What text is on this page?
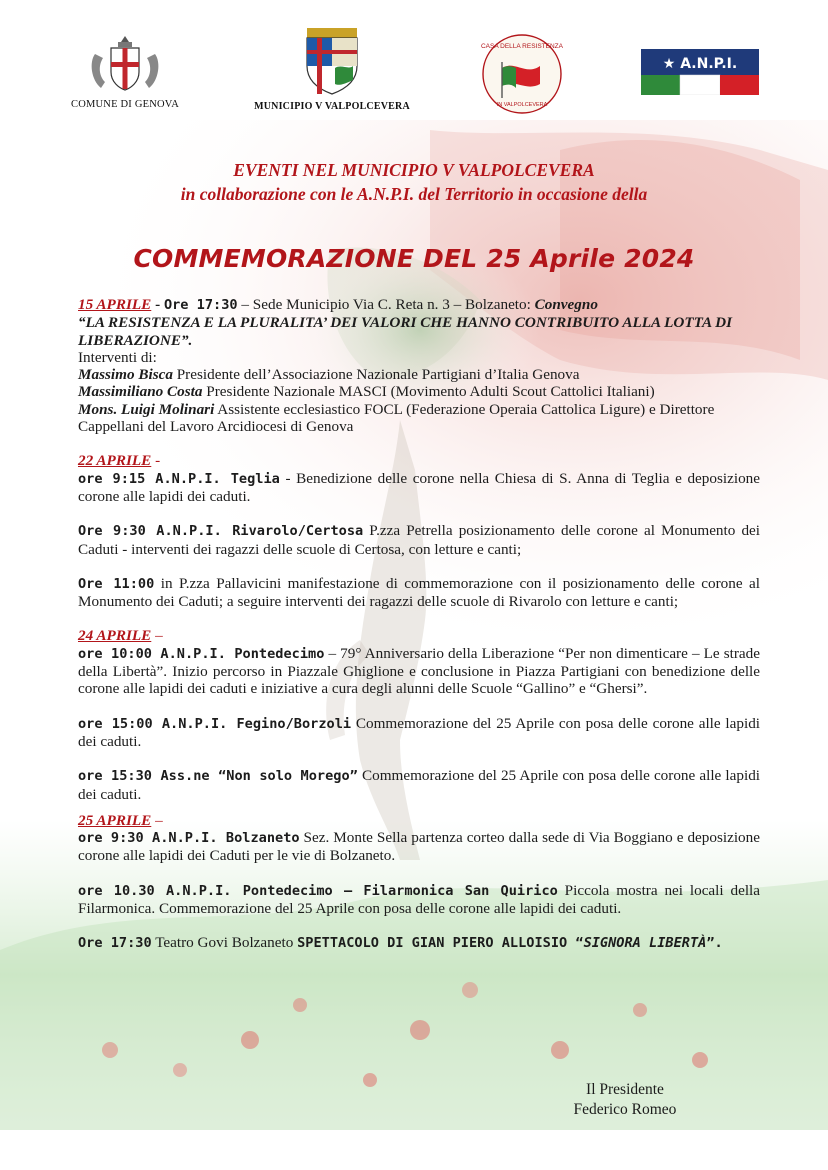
COMUNE DI GENOVA	MUNICIPIO V VALPOLCEVERA
CASA DELLA RESISTENZA
IN VALPOLCEVERA
★ A.N.P.I.
EVENTI NEL MUNICIPIO V VALPOLCEVERA
in collaborazione con le A.N.P.I. del Territorio in occasione della
COMMEMORAZIONE DEL 25 Aprile 2024

15 APRILE - Ore 17:30 – Sede Municipio Via C. Reta n. 3 – Bolzaneto: Convegno

“LA RESISTENZA E LA PLURALITA’ DEI VALORI CHE HANNO CONTRIBUITO ALLA LOTTA DI LIBERAZIONE”.

Interventi di:

Massimo Bisca Presidente dell’Associazione Nazionale Partigiani d’Italia Genova

Massimiliano Costa Presidente Nazionale MASCI (Movimento Adulti Scout Cattolici Italiani)

Mons. Luigi Molinari Assistente ecclesiastico FOCL (Federazione Operaia Cattolica Ligure) e Direttore Cappellani del Lavoro Arcidiocesi di Genova

22 APRILE -

ore 9:15 A.N.P.I. Teglia - Benedizione delle corone nella Chiesa di S. Anna di Teglia e deposizione corone alle lapidi dei caduti.

Ore 9:30 A.N.P.I. Rivarolo/Certosa P.zza Petrella posizionamento delle corone al Monumento dei Caduti - interventi dei ragazzi delle scuole di Certosa, con letture e canti;

Ore 11:00 in P.zza Pallavicini manifestazione di commemorazione con il posizionamento delle corone al Monumento dei Caduti; a seguire interventi dei ragazzi delle scuole di Rivarolo con letture e canti;

24 APRILE –

ore 10:00 A.N.P.I. Pontedecimo – 79° Anniversario della Liberazione “Per non dimenticare – Le strade della Libertà”. Inizio percorso in Piazzale Ghiglione e conclusione in Piazza Partigiani con benedizione delle corone alle lapidi dei caduti e iniziative a cura degli alunni delle Scuole “Gallino” e “Ghersi”.

ore 15:00 A.N.P.I. Fegino/Borzoli Commemorazione del 25 Aprile con posa delle corone alle lapidi dei caduti.

ore 15:30 Ass.ne “Non solo Morego” Commemorazione del 25 Aprile con posa delle corone alle lapidi dei caduti.

25 APRILE –

ore 9:30 A.N.P.I. Bolzaneto Sez. Monte Sella partenza corteo dalla sede di Via Boggiano e deposizione corone alle lapidi dei Caduti per le vie di Bolzaneto.

ore 10.30 A.N.P.I. Pontedecimo – Filarmonica San Quirico Piccola mostra nei locali della Filarmonica. Commemorazione del 25 Aprile con posa delle corone alle lapidi dei caduti.

Ore 17:30 Teatro Govi Bolzaneto SPETTACOLO DI GIAN PIERO ALLOISIO “SIGNORA LIBERTÀ”.

Il Presidente
Federico Romeo
